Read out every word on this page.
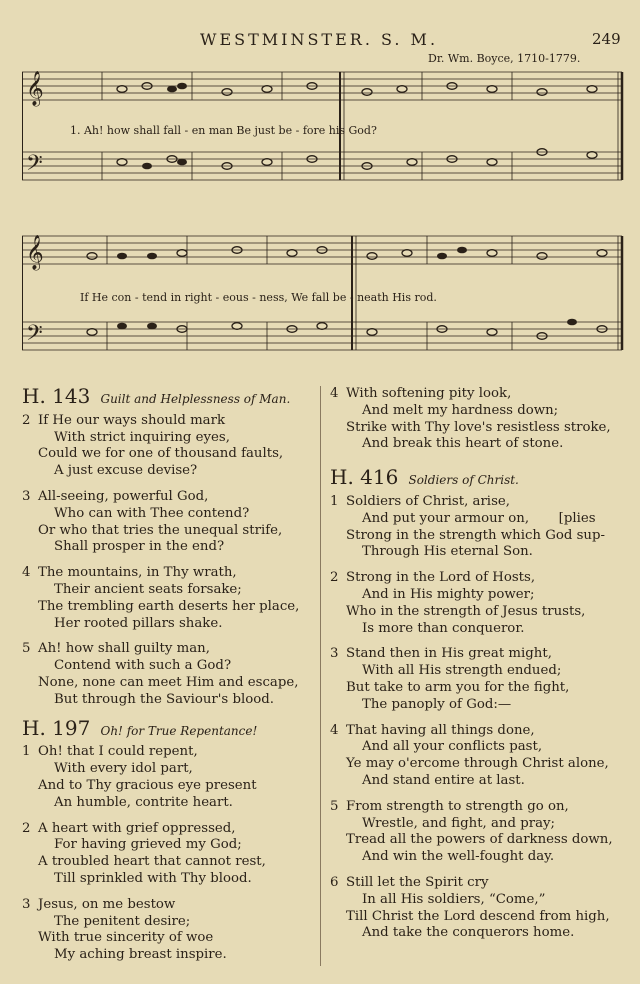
WESTMINSTER. S. M.	249
Dr. Wm. Boyce, 1710-1779.
𝄞
𝄢
1. Ah! how shall fall - en man Be just be - fore his God?
𝄞
𝄢
If He con - tend in right - eous - ness, We fall be - neath His rod.
H. 143 Guilt and Helplessness of Man.
2 If He our ways should mark
With strict inquiring eyes,
Could we for one of thousand faults,
A just excuse devise?
3 All-seeing, powerful God,
Who can with Thee contend?
Or who that tries the unequal strife,
Shall prosper in the end?
4 The mountains, in Thy wrath,
Their ancient seats forsake;
The trembling earth deserts her place,
Her rooted pillars shake.
5 Ah! how shall guilty man,
Contend with such a God?
None, none can meet Him and escape,
But through the Saviour's blood.
H. 197 Oh! for True Repentance!
1 Oh! that I could repent,
With every idol part,
And to Thy gracious eye present
An humble, contrite heart.
2 A heart with grief oppressed,
For having grieved my God;
A troubled heart that cannot rest,
Till sprinkled with Thy blood.
3 Jesus, on me bestow
The penitent desire;
With true sincerity of woe
My aching breast inspire.
4 With softening pity look,
And melt my hardness down;
Strike with Thy love's resistless stroke,
And break this heart of stone.
H. 416 Soldiers of Christ.
1 Soldiers of Christ, arise,
And put your armour on,       [plies
Strong in the strength which God sup-
Through His eternal Son.
2 Strong in the Lord of Hosts,
And in His mighty power;
Who in the strength of Jesus trusts,
Is more than conqueror.
3 Stand then in His great might,
With all His strength endued;
But take to arm you for the fight,
The panoply of God:—
4 That having all things done,
And all your conflicts past,
Ye may o'ercome through Christ alone,
And stand entire at last.
5 From strength to strength go on,
Wrestle, and fight, and pray;
Tread all the powers of darkness down,
And win the well-fought day.
6 Still let the Spirit cry
In all His soldiers, “Come,”
Till Christ the Lord descend from high,
And take the conquerors home.
